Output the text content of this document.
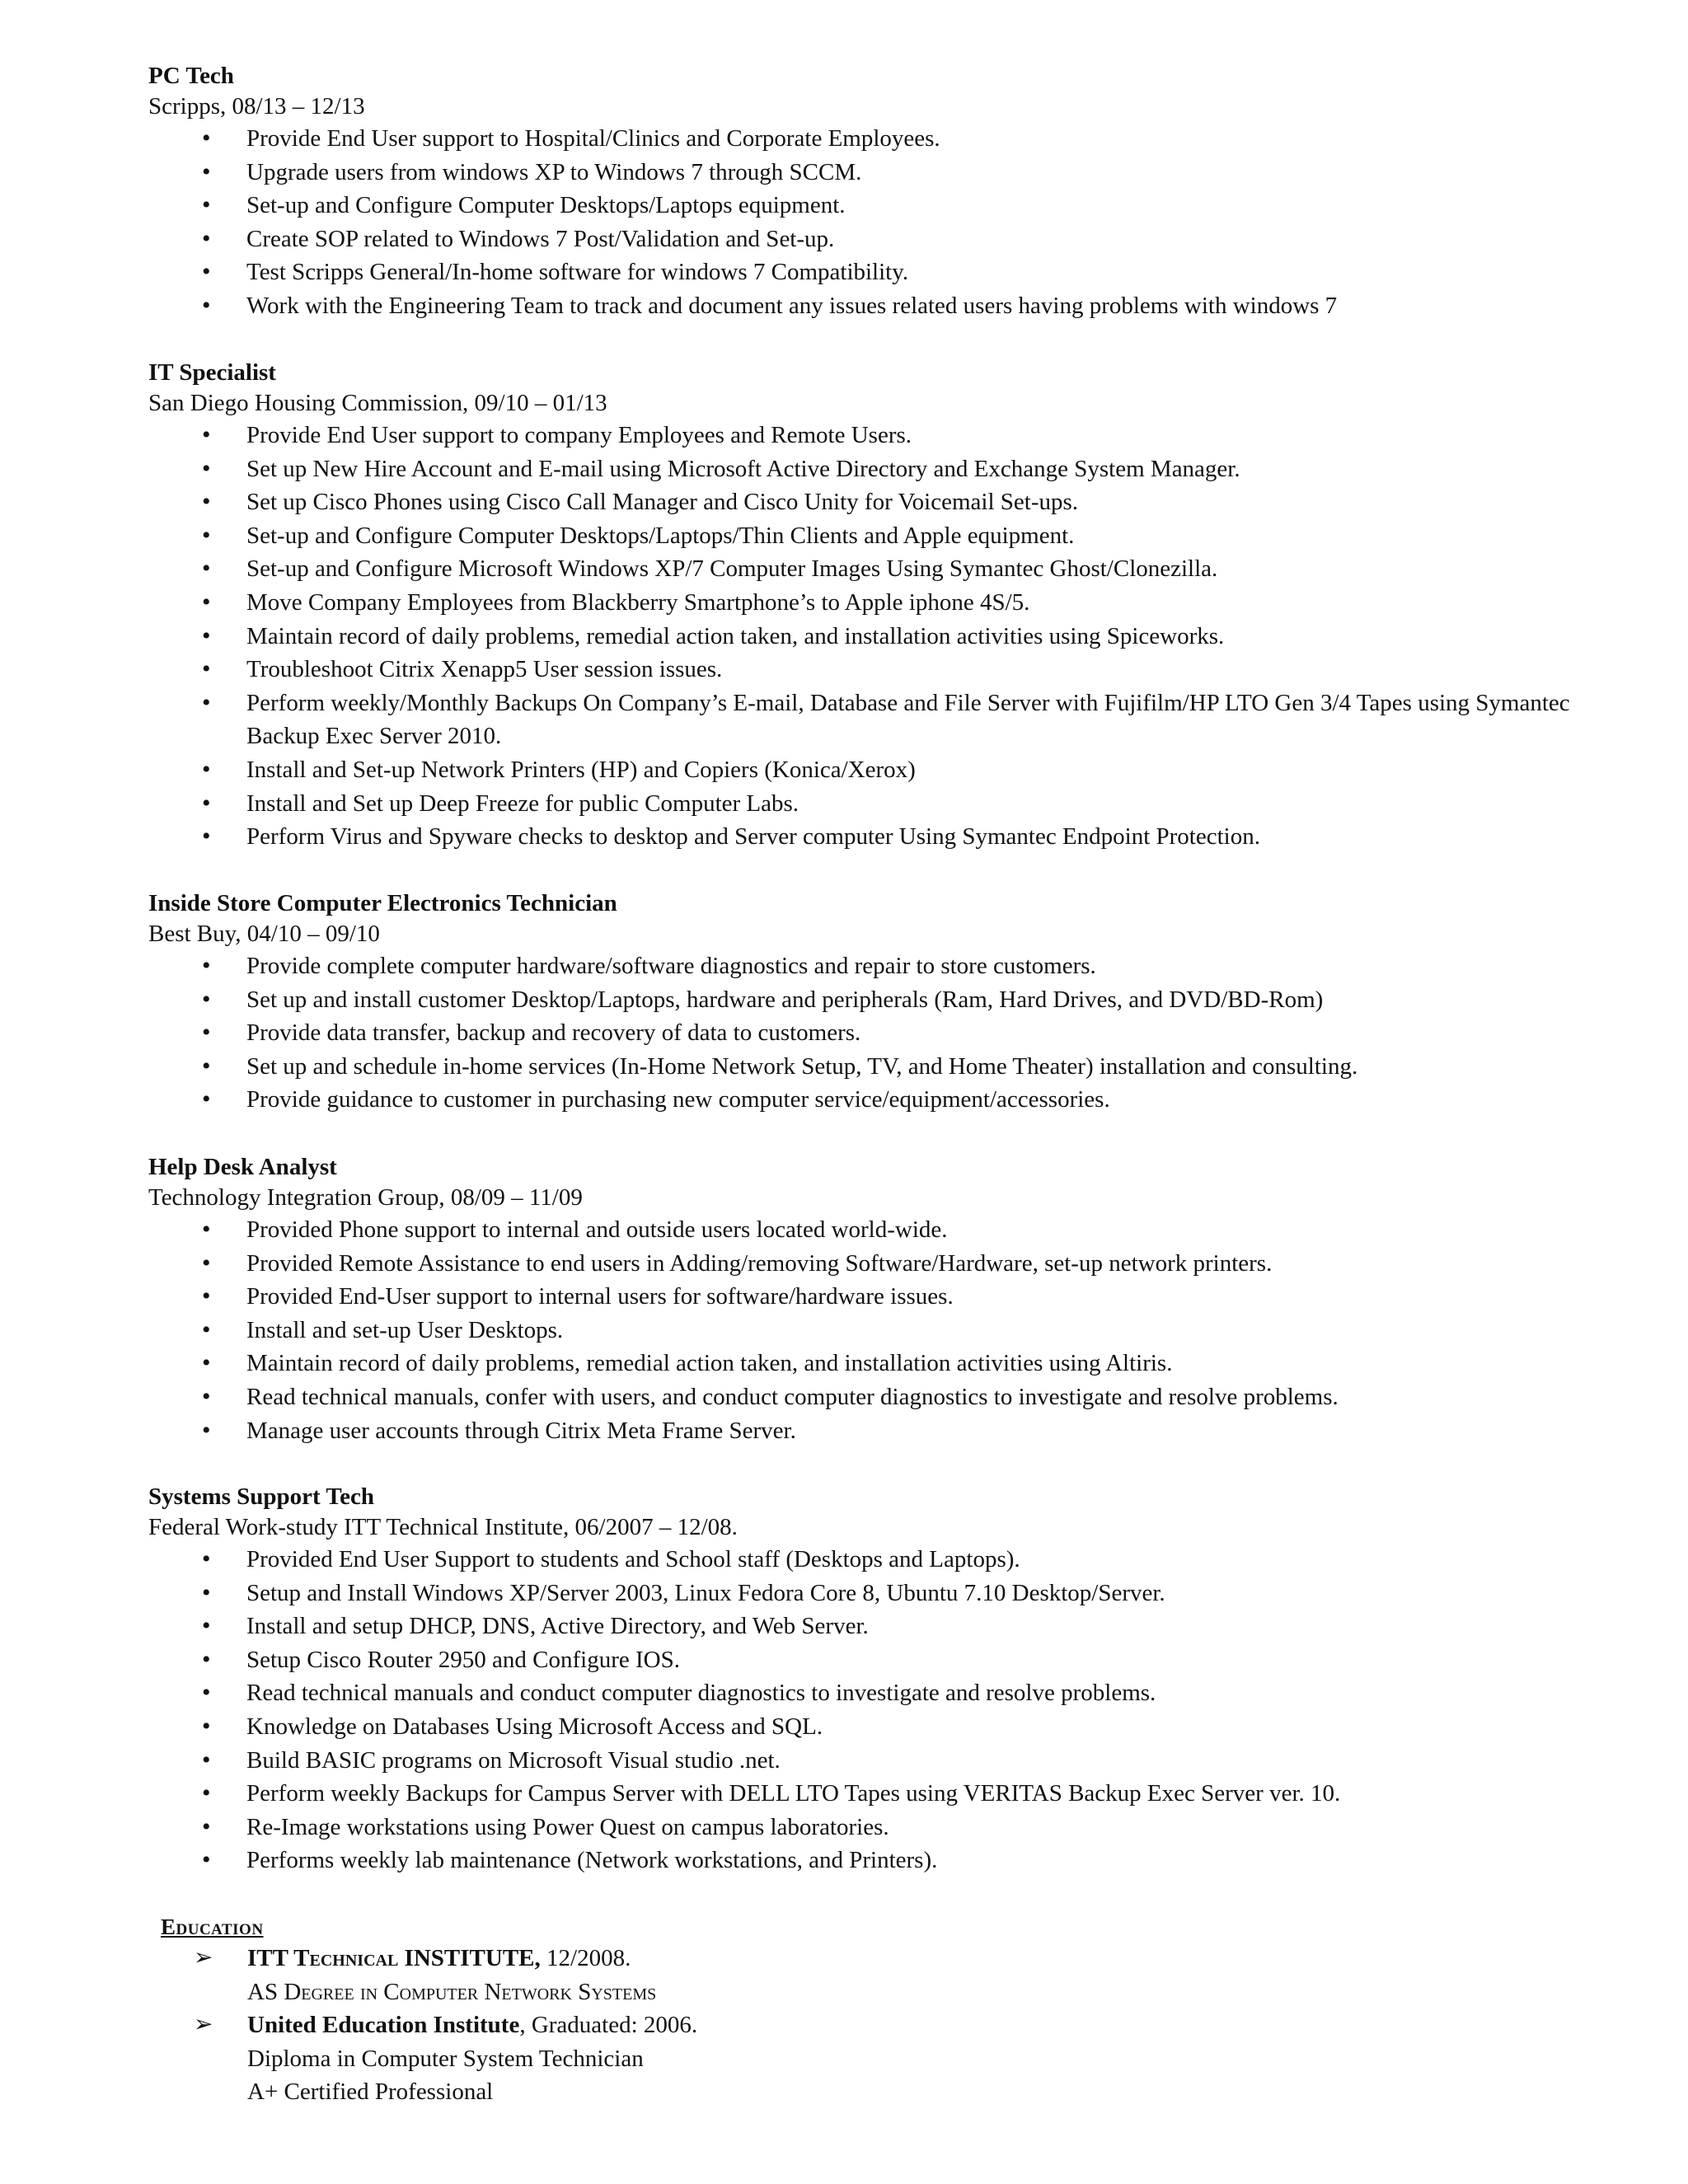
PC Tech

Scripps, 08/13 – 12/13

• Provide End User support to Hospital/Clinics and Corporate Employees.
• Upgrade users from windows XP to Windows 7 through SCCM.
• Set-up and Configure Computer Desktops/Laptops equipment.
• Create SOP related to Windows 7 Post/Validation and Set-up.
• Test Scripps General/In-home software for windows 7 Compatibility.
• Work with the Engineering Team to track and document any issues related users having problems with windows 7

IT Specialist

San Diego Housing Commission, 09/10 – 01/13

• Provide End User support to company Employees and Remote Users.
• Set up New Hire Account and E-mail using Microsoft Active Directory and Exchange System Manager.
• Set up Cisco Phones using Cisco Call Manager and Cisco Unity for Voicemail Set-ups.
• Set-up and Configure Computer Desktops/Laptops/Thin Clients and Apple equipment.
• Set-up and Configure Microsoft Windows XP/7 Computer Images Using Symantec Ghost/Clonezilla.
• Move Company Employees from Blackberry Smartphone’s to Apple iphone 4S/5.
• Maintain record of daily problems, remedial action taken, and installation activities using Spiceworks.
• Troubleshoot Citrix Xenapp5 User session issues.
• Perform weekly/Monthly Backups On Company’s E-mail, Database and File Server with Fujifilm/HP LTO Gen 3/4 Tapes using Symantec Backup Exec Server 2010.
• Install and Set-up Network Printers (HP) and Copiers (Konica/Xerox)
• Install and Set up Deep Freeze for public Computer Labs.
• Perform Virus and Spyware checks to desktop and Server computer Using Symantec Endpoint Protection.

Inside Store Computer Electronics Technician

Best Buy, 04/10 – 09/10

• Provide complete computer hardware/software diagnostics and repair to store customers.
• Set up and install customer Desktop/Laptops, hardware and peripherals (Ram, Hard Drives, and DVD/BD-Rom)
• Provide data transfer, backup and recovery of data to customers.
• Set up and schedule in-home services (In-Home Network Setup, TV, and Home Theater) installation and consulting.
• Provide guidance to customer in purchasing new computer service/equipment/accessories.

Help Desk Analyst

Technology Integration Group, 08/09 – 11/09

• Provided Phone support to internal and outside users located world-wide.
• Provided Remote Assistance to end users in Adding/removing Software/Hardware, set-up network printers.
• Provided End-User support to internal users for software/hardware issues.
• Install and set-up User Desktops.
• Maintain record of daily problems, remedial action taken, and installation activities using Altiris.
• Read technical manuals, confer with users, and conduct computer diagnostics to investigate and resolve problems.
• Manage user accounts through Citrix Meta Frame Server.

Systems Support Tech

Federal Work-study ITT Technical Institute, 06/2007 – 12/08.

• Provided End User Support to students and School staff (Desktops and Laptops).
• Setup and Install Windows XP/Server 2003, Linux Fedora Core 8, Ubuntu 7.10 Desktop/Server.
• Install and setup DHCP, DNS, Active Directory, and Web Server.
• Setup Cisco Router 2950 and Configure IOS.
• Read technical manuals and conduct computer diagnostics to investigate and resolve problems.
• Knowledge on Databases Using Microsoft Access and SQL.
• Build BASIC programs on Microsoft Visual studio .net.
• Perform weekly Backups for Campus Server with DELL LTO Tapes using VERITAS Backup Exec Server ver. 10.
• Re-Image workstations using Power Quest on campus laboratories.
• Performs weekly lab maintenance (Network workstations, and Printers).

Education

➢ ITT Technical INSTITUTE, 12/2008.
AS Degree in Computer Network Systems
➢ United Education Institute, Graduated: 2006.
Diploma in Computer System Technician
A+ Certified Professional
